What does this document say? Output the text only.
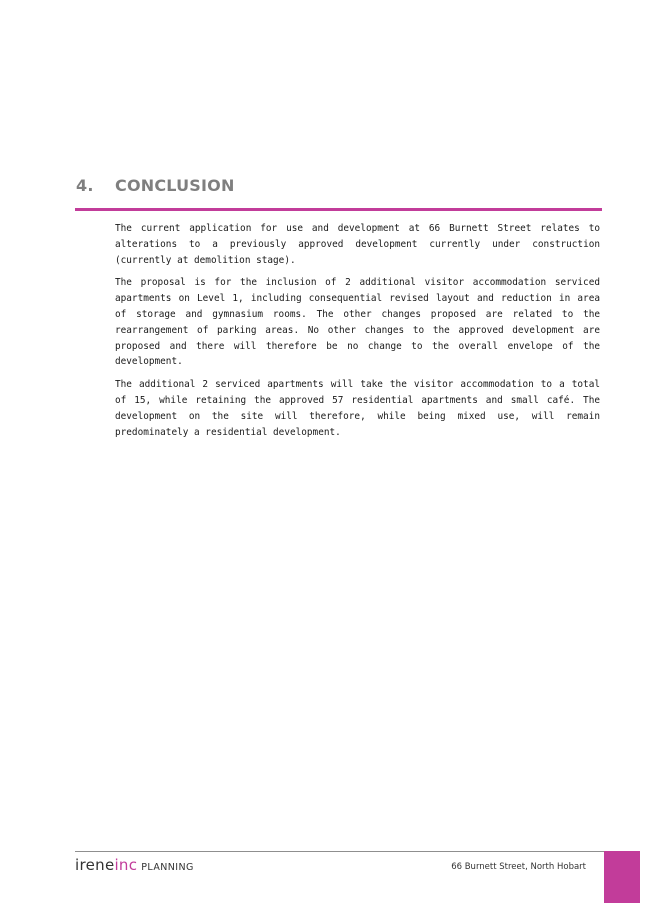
4. CONCLUSION

The current application for use and development at 66 Burnett Street relates to alterations to a previously approved development currently under construction (currently at demolition stage).

The proposal is for the inclusion of 2 additional visitor accommodation serviced apartments on Level 1, including consequential revised layout and reduction in area of storage and gymnasium rooms. The other changes proposed are related to the rearrangement of parking areas. No other changes to the approved development are proposed and there will therefore be no change to the overall envelope of the development.

The additional 2 serviced apartments will take the visitor accommodation to a total of 15, while retaining the approved 57 residential apartments and small café. The development on the site will therefore, while being mixed use, will remain predominately a residential development.

ireneinc PLANNING	66 Burnett Street, North Hobart
